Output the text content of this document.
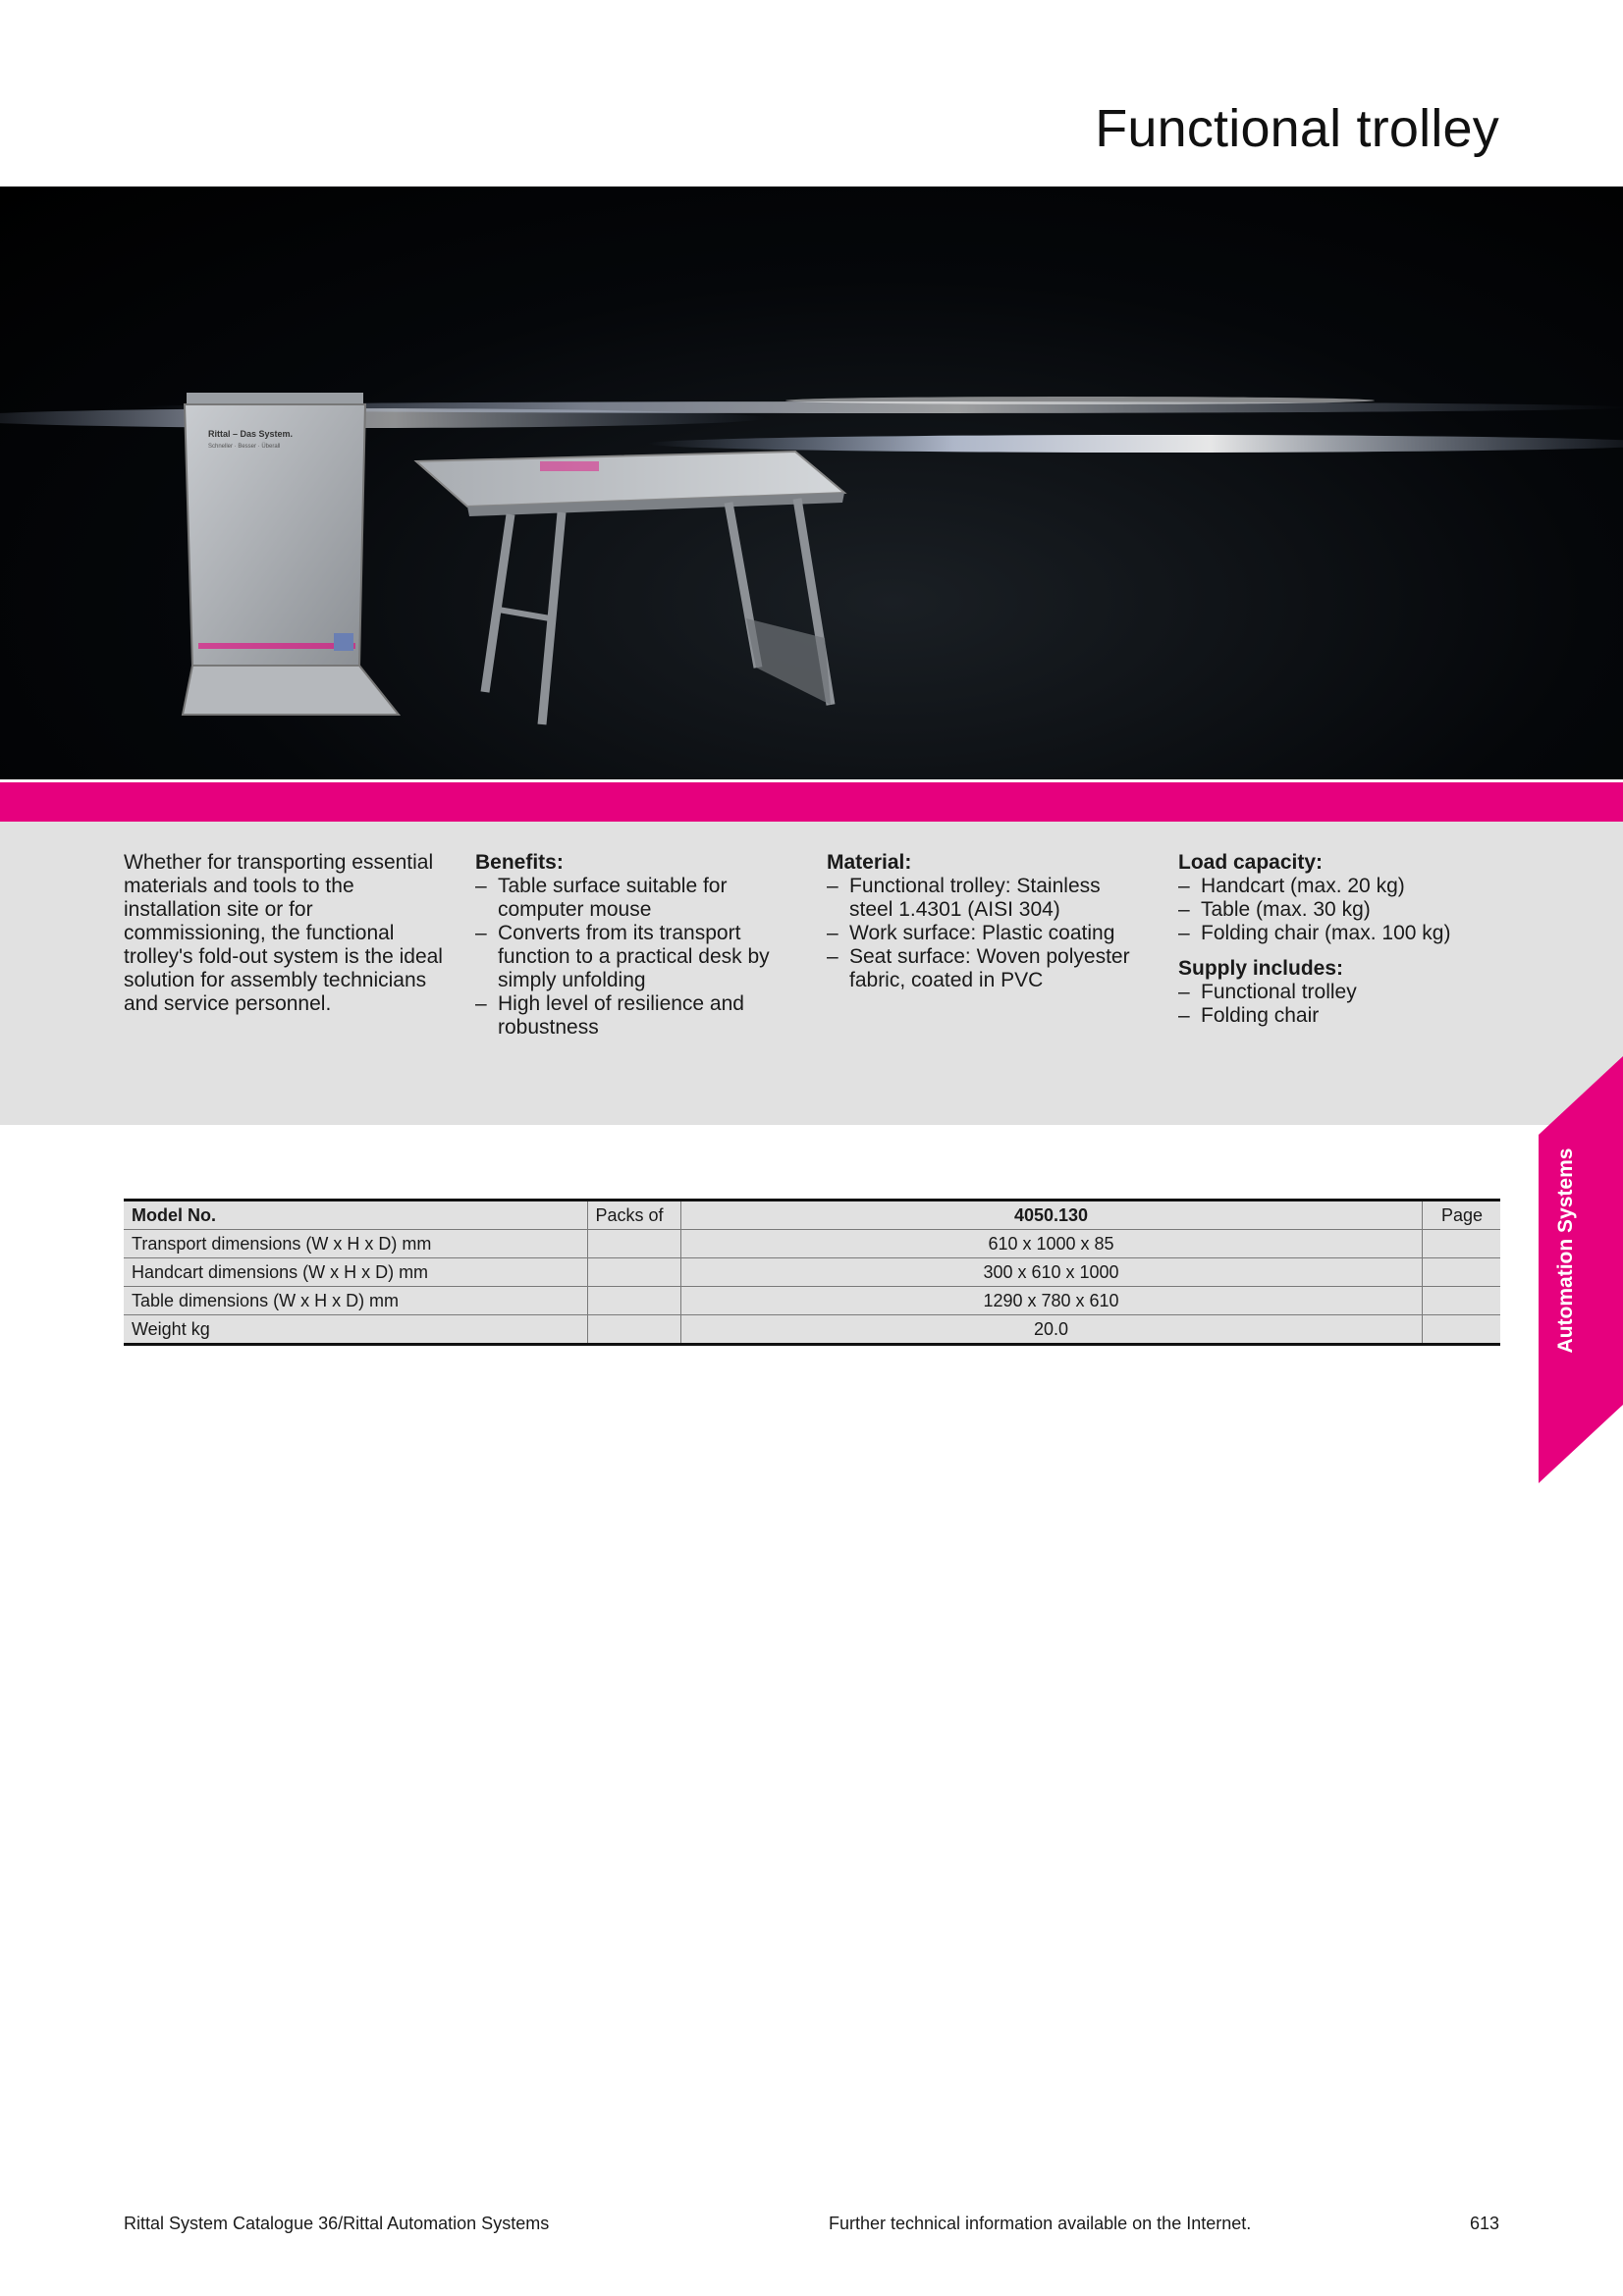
Functional trolley
Rittal – Das System.
Schneller · Besser · Überall

Whether for transporting essential materials and tools to the installation site or for commissioning, the functional trolley's fold-out system is the ideal solution for assembly technicians and service personnel.

Benefits:
– Table surface suitable for computer mouse
– Converts from its transport function to a practical desk by simply unfolding
– High level of resilience and robustness
Material:
– Functional trolley: Stainless steel 1.4301 (AISI 304)
– Work surface: Plastic coating
– Seat surface: Woven polyester fabric, coated in PVC
Load capacity:
– Handcart (max. 20 kg)
– Table (max. 30 kg)
– Folding chair (max. 100 kg)
Supply includes:
– Functional trolley
– Folding chair
Automation Systems
Model No.	Packs of	4050.130	Page
Transport dimensions (W x H x D) mm		610 x 1000 x 85	
Handcart dimensions (W x H x D) mm		300 x 610 x 1000	
Table dimensions (W x H x D) mm		1290 x 780 x 610	
Weight kg		20.0	
Rittal System Catalogue 36/Rittal Automation Systems	Further technical information available on the Internet.	613
